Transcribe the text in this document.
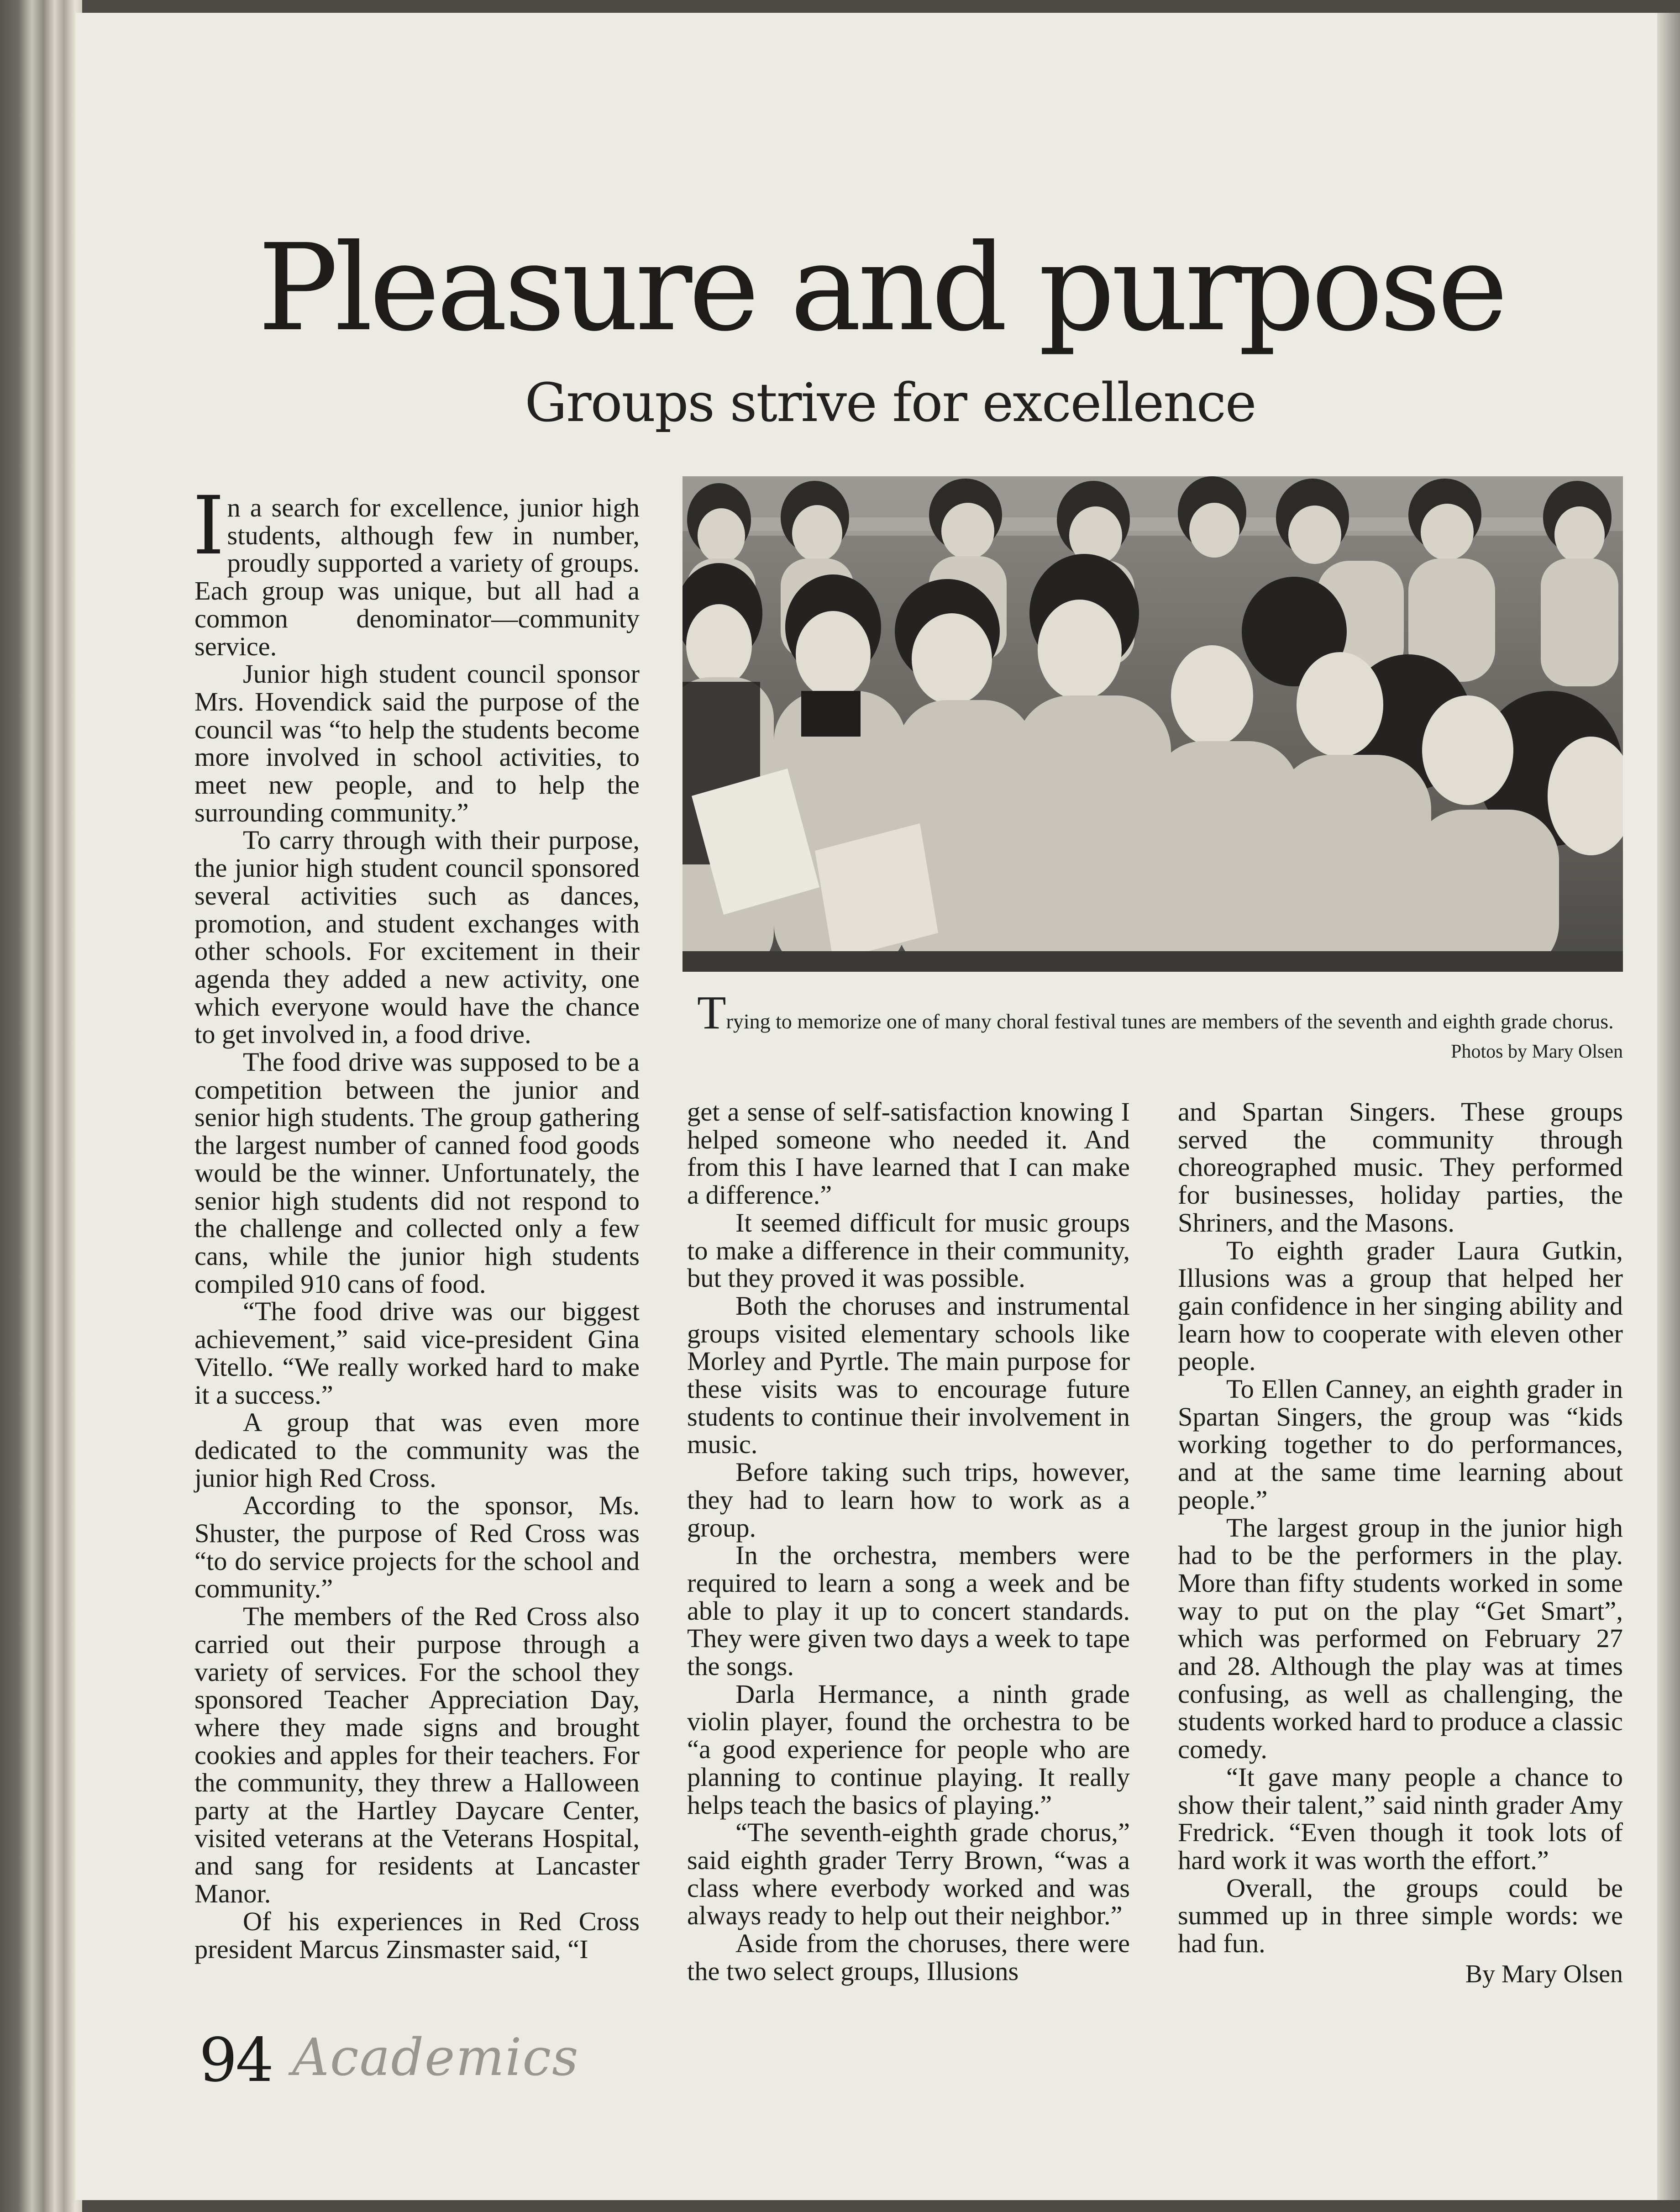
Pleasure and purpose
Groups strive for excellence
Trying to memorize one of many choral festival tunes are members of the seventh and eighth grade chorus.
Photos by Mary Olsen

In a search for excellence, junior high students, although few in number, proudly supported a variety of groups. Each group was unique, but all had a common denominator—community service.

Junior high student council sponsor Mrs. Hovendick said the purpose of the council was “to help the students become more involved in school activities, to meet new people, and to help the surrounding community.”

To carry through with their purpose, the junior high student council sponsored several activities such as dances, promotion, and student exchanges with other schools. For excitement in their agenda they added a new activity, one which everyone would have the chance to get involved in, a food drive.

The food drive was supposed to be a competition between the junior and senior high students. The group gathering the largest number of canned food goods would be the winner. Unfortunately, the senior high students did not respond to the challenge and collected only a few cans, while the junior high students compiled 910 cans of food.

“The food drive was our biggest achievement,” said vice-president Gina Vitello. “We really worked hard to make it a success.”

A group that was even more dedicated to the community was the junior high Red Cross.

According to the sponsor, Ms. Shuster, the purpose of Red Cross was “to do service projects for the school and community.”

The members of the Red Cross also carried out their purpose through a variety of services. For the school they sponsored Teacher Appreciation Day, where they made signs and brought cookies and apples for their teachers. For the community, they threw a Halloween party at the Hartley Daycare Center, visited veterans at the Veterans Hospital, and sang for residents at Lancaster Manor.

Of his experiences in Red Cross president Marcus Zinsmaster said, “I

get a sense of self-satisfaction knowing I helped someone who needed it. And from this I have learned that I can make a difference.”

It seemed difficult for music groups to make a difference in their community, but they proved it was possible.

Both the choruses and instrumental groups visited elementary schools like Morley and Pyrtle. The main purpose for these visits was to encourage future students to continue their involvement in music.

Before taking such trips, however, they had to learn how to work as a group.

In the orchestra, members were required to learn a song a week and be able to play it up to concert standards. They were given two days a week to tape the songs.

Darla Hermance, a ninth grade violin player, found the orchestra to be “a good experience for people who are planning to continue playing. It really helps teach the basics of playing.”

“The seventh-eighth grade chorus,” said eighth grader Terry Brown, “was a class where everbody worked and was always ready to help out their neighbor.”

Aside from the choruses, there were the two select groups, Illusions

and Spartan Singers. These groups served the community through choreographed music. They performed for businesses, holiday parties, the Shriners, and the Masons.

To eighth grader Laura Gutkin, Illusions was a group that helped her gain confidence in her singing ability and learn how to cooperate with eleven other people.

To Ellen Canney, an eighth grader in Spartan Singers, the group was “kids working together to do performances, and at the same time learning about people.”

The largest group in the junior high had to be the performers in the play. More than fifty students worked in some way to put on the play “Get Smart”, which was performed on February 27 and 28. Although the play was at times confusing, as well as challenging, the students worked hard to produce a classic comedy.

“It gave many people a chance to show their talent,” said ninth grader Amy Fredrick. “Even though it took lots of hard work it was worth the effort.”

Overall, the groups could be summed up in three simple words: we had fun.

By Mary Olsen
94 Academics
